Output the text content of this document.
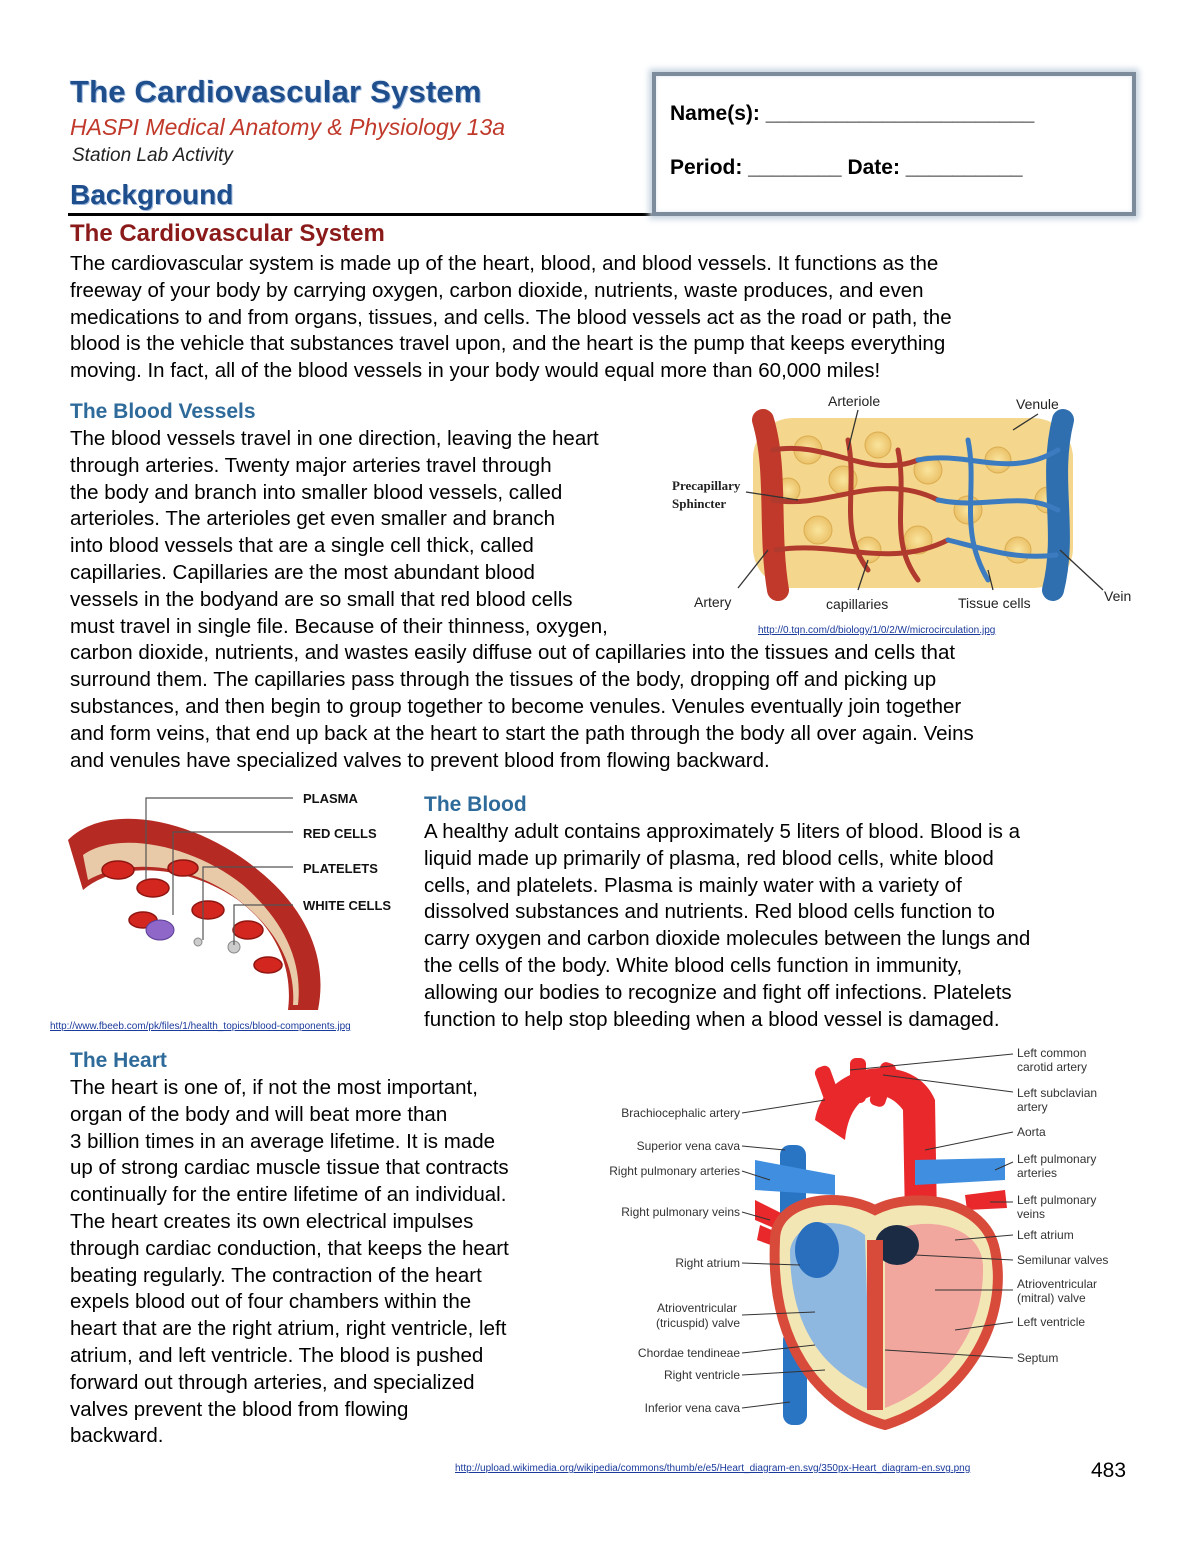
The Cardiovascular System
HASPI Medical Anatomy & Physiology 13a
Station Lab Activity
Background
Name(s): _______________________
Period: ________ Date: __________
The Cardiovascular System
The cardiovascular system is made up of the heart, blood, and blood vessels. It functions as the
freeway of your body by carrying oxygen, carbon dioxide, nutrients, waste produces, and even
medications to and from organs, tissues, and cells. The blood vessels act as the road or path, the
blood is the vehicle that substances travel upon, and the heart is the pump that keeps everything
moving. In fact, all of the blood vessels in your body would equal more than 60,000 miles!
The Blood Vessels
The blood vessels travel in one direction, leaving the heart
through arteries. Twenty major arteries travel through
the body and branch into smaller blood vessels, called
arterioles. The arterioles get even smaller and branch
into blood vessels that are a single cell thick, called
capillaries. Capillaries are the most abundant blood
vessels in the bodyand are so small that red blood cells
must travel in single file. Because of their thinness, oxygen,
carbon dioxide, nutrients, and wastes easily diffuse out of capillaries into the tissues and cells that
surround them. The capillaries pass through the tissues of the body, dropping off and picking up
substances, and then begin to group together to become venules. Venules eventually join together
and form veins, that end up back at the heart to start the path through the body all over again. Veins
and venules have specialized valves to prevent blood from flowing backward.
Arteriole	Venule
Precapillary
Sphincter
Artery	capillaries	Tissue cells	Vein
http://0.tqn.com/d/biology/1/0/2/W/microcirculation.jpg
PLASMA
RED CELLS
PLATELETS
WHITE CELLS
http://www.fbeeb.com/pk/files/1/health_topics/blood-components.jpg
The Blood
A healthy adult contains approximately 5 liters of blood. Blood is a
liquid made up primarily of plasma, red blood cells, white blood
cells, and platelets. Plasma is mainly water with a variety of
dissolved substances and nutrients. Red blood cells function to
carry oxygen and carbon dioxide molecules between the lungs and
the cells of the body. White blood cells function in immunity,
allowing our bodies to recognize and fight off infections. Platelets
function to help stop bleeding when a blood vessel is damaged.
The Heart
The heart is one of, if not the most important,
organ of the body and will beat more than
3 billion times in an average lifetime. It is made
up of strong cardiac muscle tissue that contracts
continually for the entire lifetime of an individual.
The heart creates its own electrical impulses
through cardiac conduction, that keeps the heart
beating regularly. The contraction of the heart
expels blood out of four chambers within the
heart that are the right atrium, right ventricle, left
atrium, and left ventricle. The blood is pushed
forward out through arteries, and specialized
valves prevent the blood from flowing
backward.
Brachiocephalic artery
Superior vena cava
Right pulmonary arteries
Right pulmonary veins
Right atrium
Atrioventricular
(tricuspid) valve
Chordae tendineae
Right ventricle
Inferior vena cava
Left common
carotid artery
Left subclavian
artery
Aorta
Left pulmonary
arteries
Left pulmonary
veins
Left atrium
Semilunar valves
Atrioventricular
(mitral) valve
Left ventricle
Septum
http://upload.wikimedia.org/wikipedia/commons/thumb/e/e5/Heart_diagram-en.svg/350px-Heart_diagram-en.svg.png	483
